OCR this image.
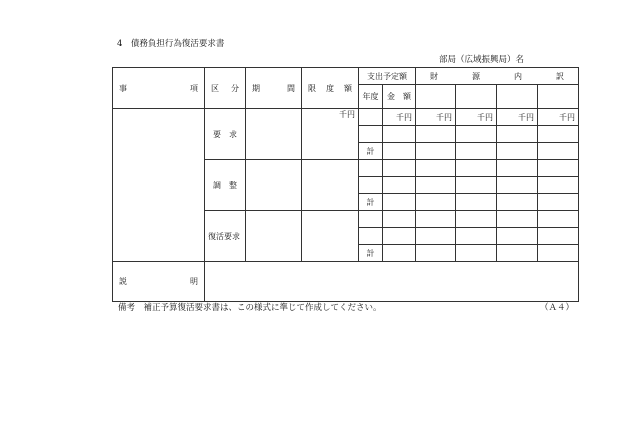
4　債務負担行為復活要求書
部局（広域振興局）名
事 項	区 分	期 間	限 度 額	支出予定額		財 源 内 訳			

				年度	金 額				

	要 求		千円		千円	千円	千円	千円	千円

				計					

	調 整								

				計					
	復活要求								

				計					

説 明									

備考　補正予算復活要求書は、この様式に準じて作成してください。	（Ａ４）
